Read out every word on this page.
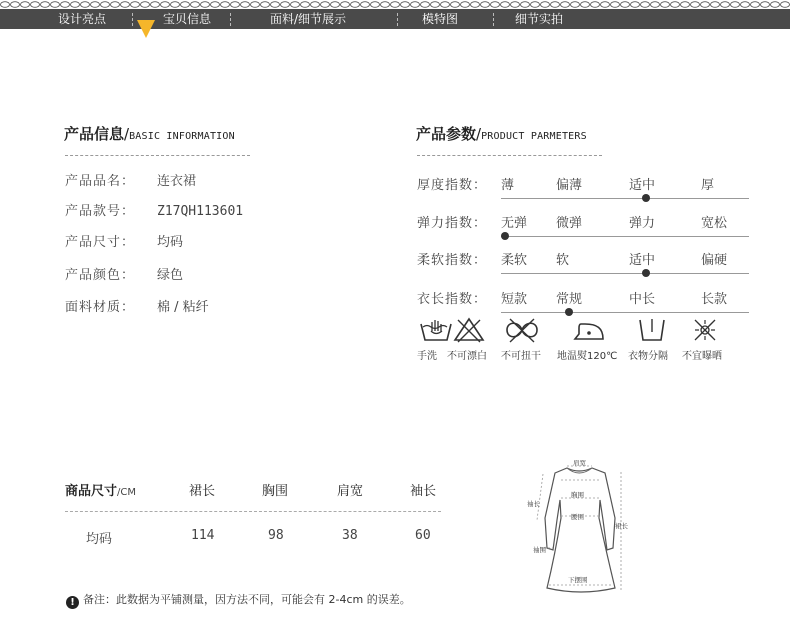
设计亮点	宝贝信息	面料/细节展示	模特图	细节实拍
产品信息/BASIC INFORMATION
产品品名： 连衣裙
产品款号： Z17QH113601
产品尺寸： 均码
产品颜色： 绿色
面料材质： 棉 / 粘纤
产品参数/PRODUCT PARMETERS
厚度指数： 薄	偏薄	适中	厚
弹力指数： 无弹 微弹	弹力	宽松
柔软指数： 柔软 软	适中	偏硬
衣长指数： 短款 常规	中长	长款
手洗 不可漂白 不可扭干 地温熨120℃ 衣物分隔 不宜曝晒
商品尺寸/CM	裙长	胸围	肩宽	袖长
均码	114	98	38	60
肩宽
胸围
腰围
袖长
裙长
袖围
下摆围
! 备注：此数据为平铺测量，因方法不同，可能会有 2-4cm 的误差。
